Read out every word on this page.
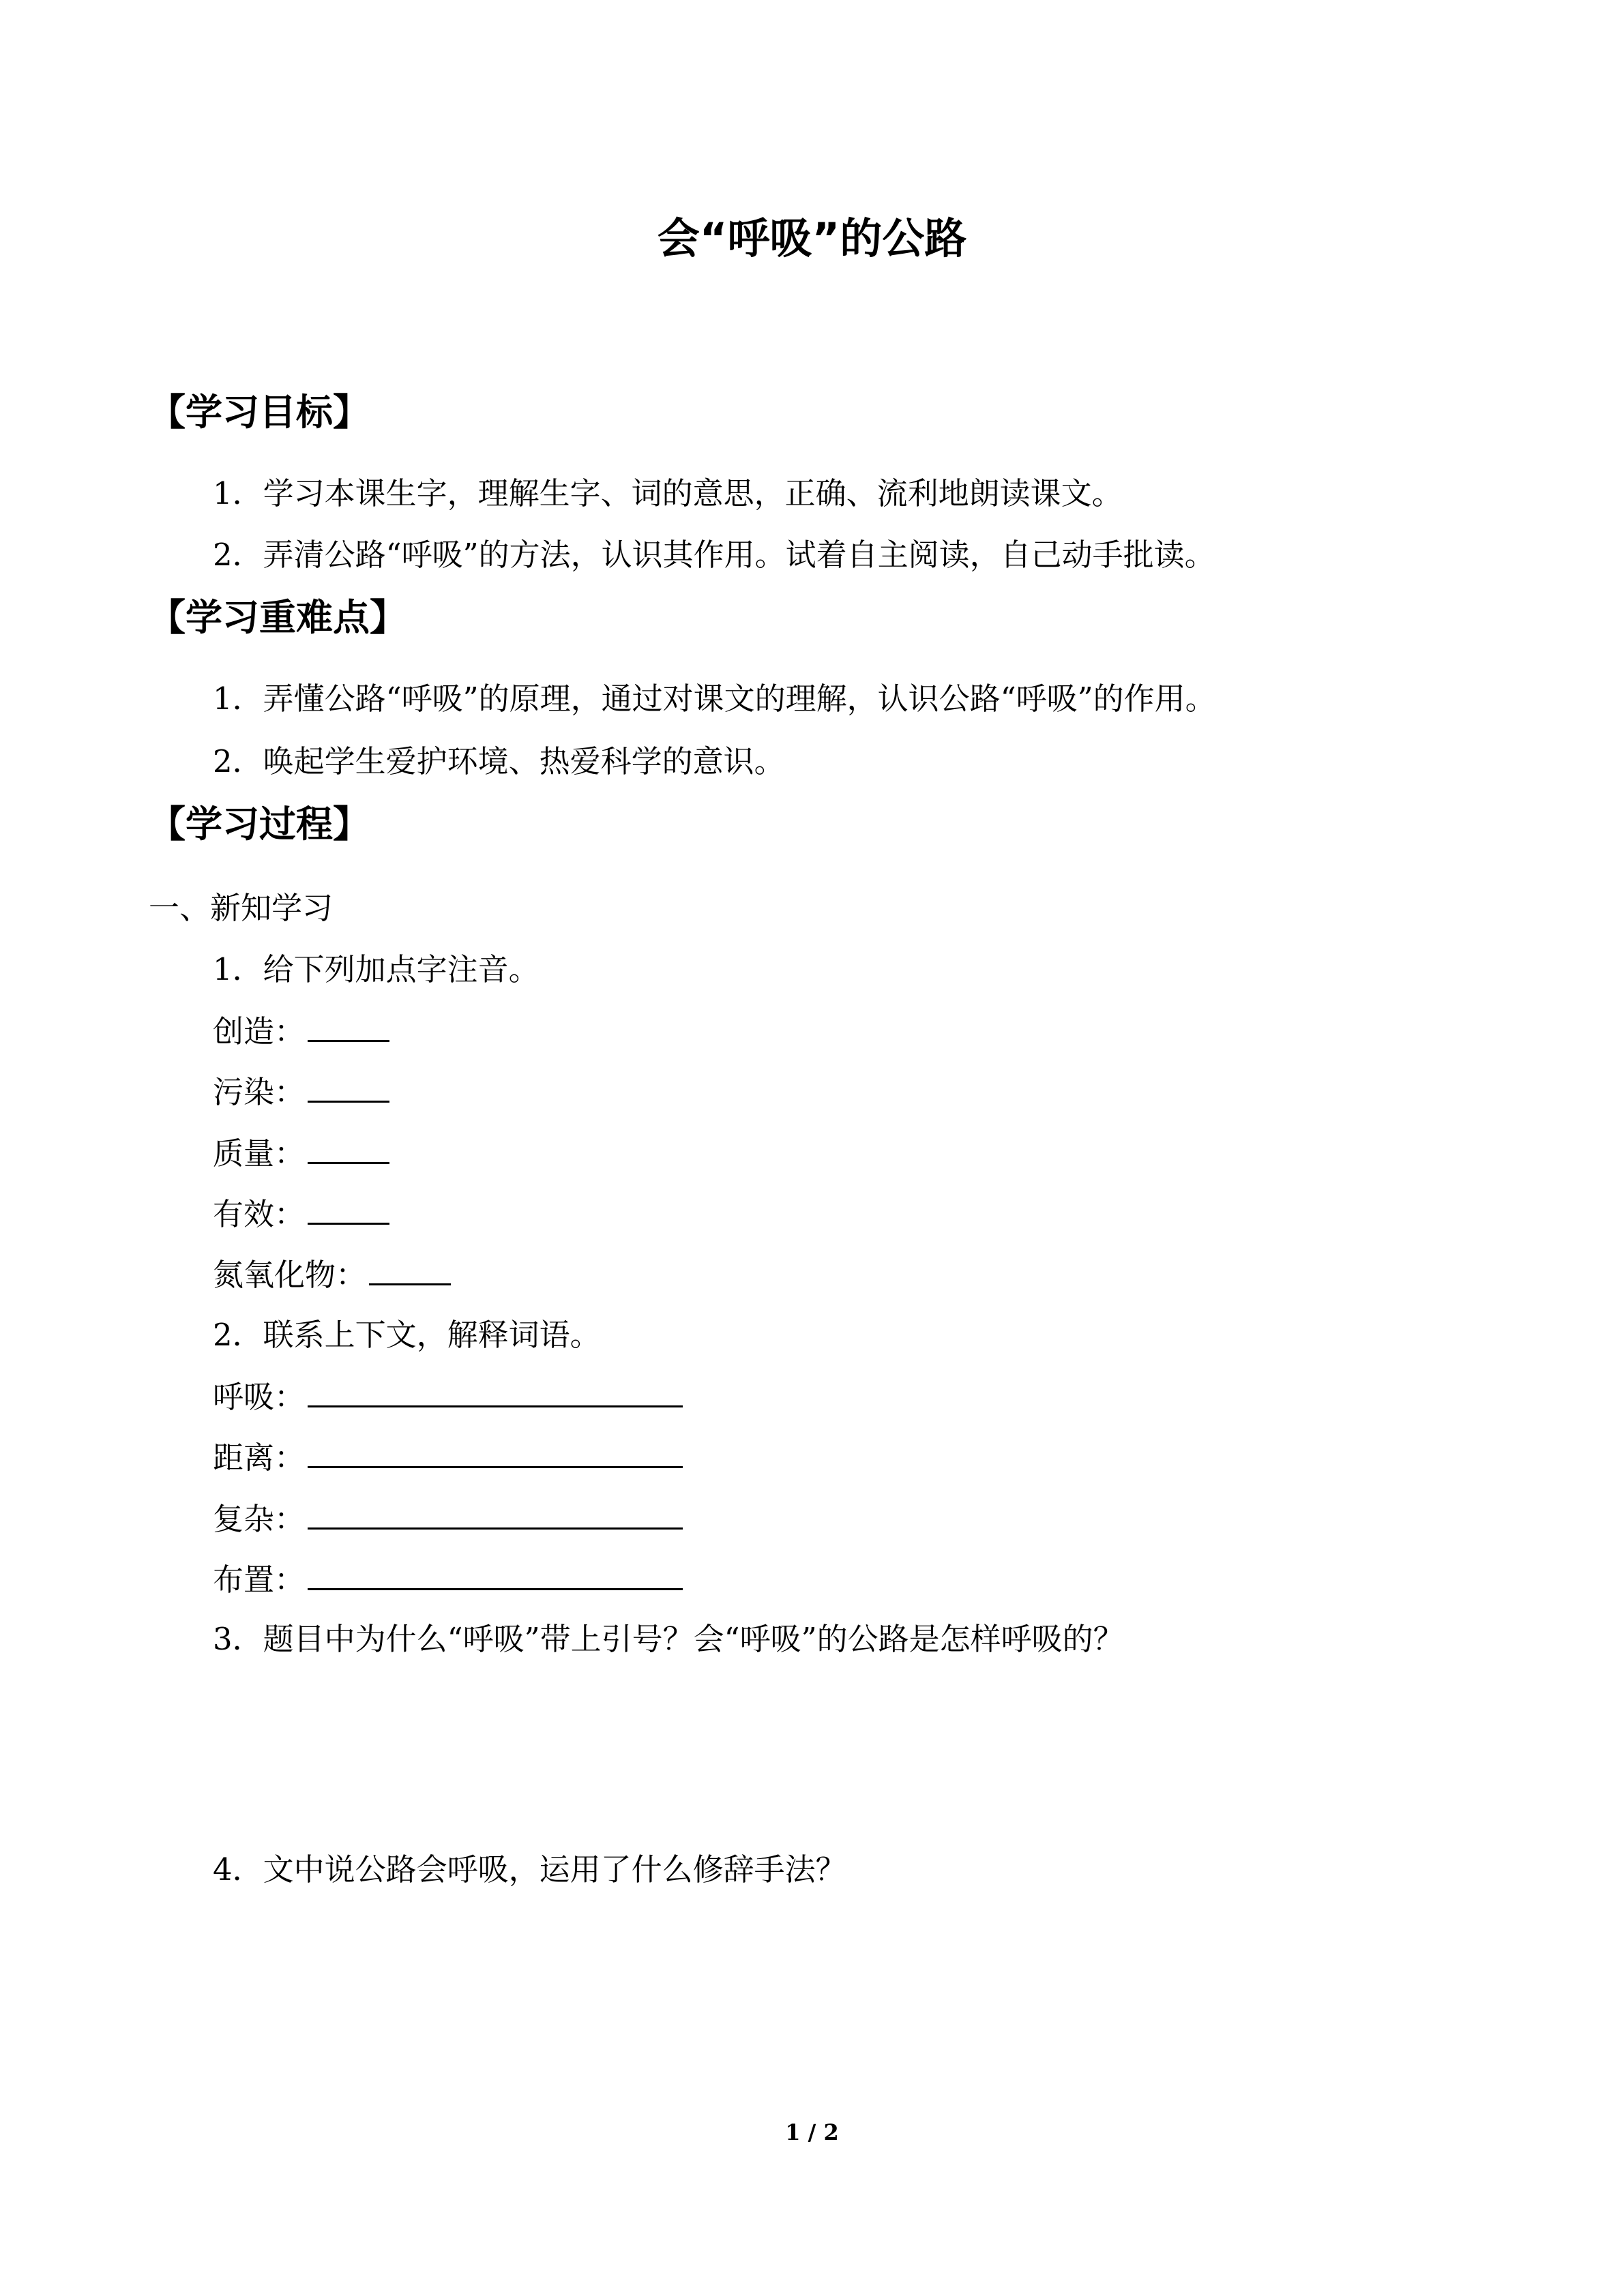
会“呼吸”的公路
【学习目标】
1．学习本课生字，理解生字、词的意思，正确、流利地朗读课文。
2．弄清公路“呼吸”的方法，认识其作用。试着自主阅读，自己动手批读。
【学习重难点】
1．弄懂公路“呼吸”的原理，通过对课文的理解，认识公路“呼吸”的作用。
2．唤起学生爱护环境、热爱科学的意识。
【学习过程】
一、新知学习
1．给下列加点字注音。
创造：
污染：
质量：
有效：
氮氧化物：
2．联系上下文，解释词语。
呼吸：
距离：
复杂：
布置：
3．题目中为什么“呼吸”带上引号？会“呼吸”的公路是怎样呼吸的？
4．文中说公路会呼吸，运用了什么修辞手法？
1 / 2
